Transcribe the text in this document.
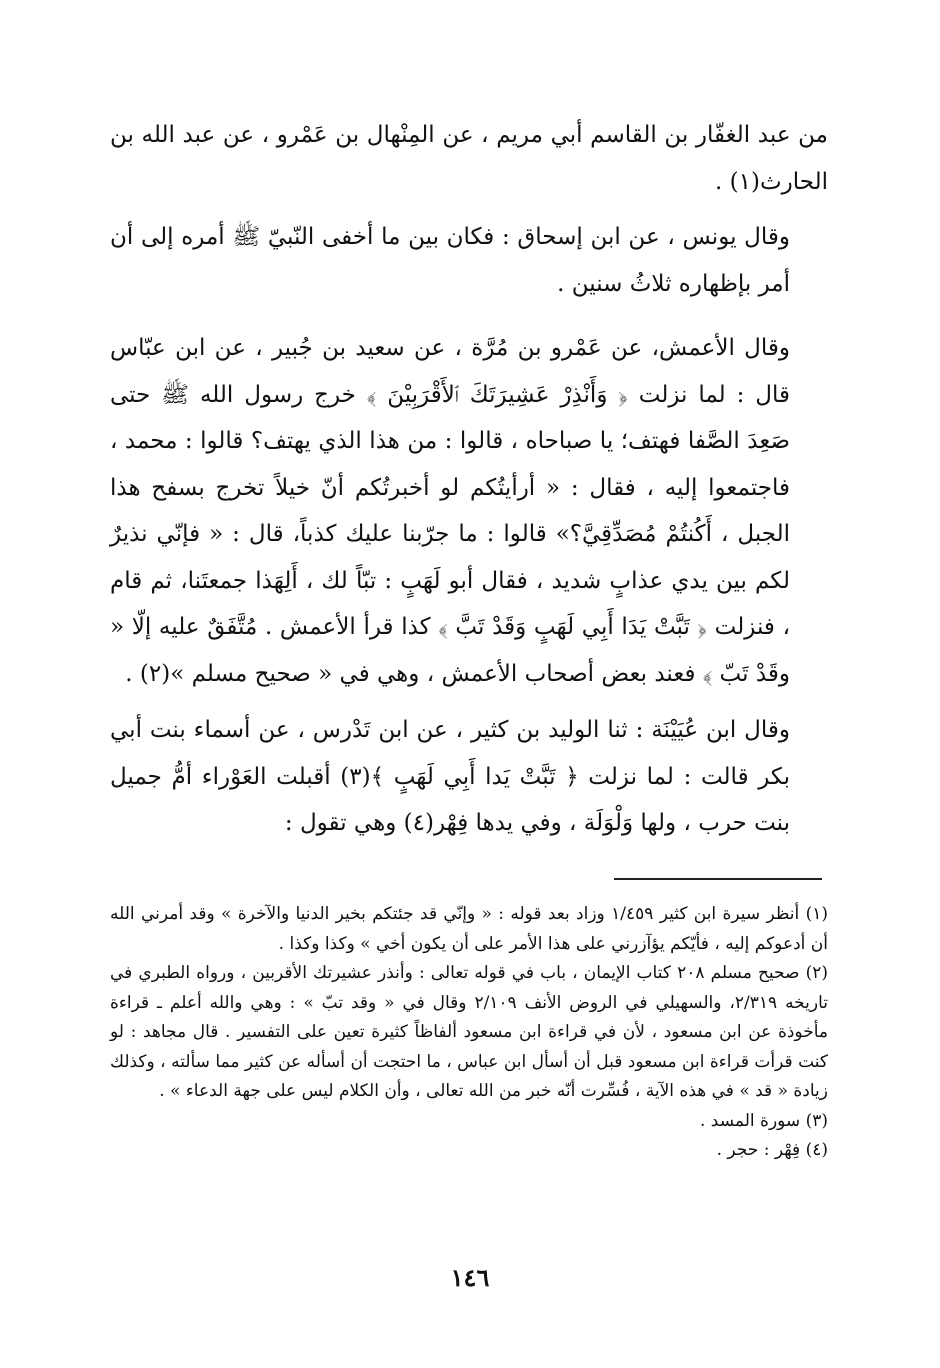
من عبد الغفّار بن القاسم أبي مريم ، عن المِنْهال بن عَمْرو ، عن عبد الله بن الحارث(١) .

وقال يونس ، عن ابن إسحاق : فكان بين ما أخفى النّبيّ ﷺ أمره إلى أن أمر بإظهاره ثلاثُ سنين .

وقال الأعمش، عن عَمْرو بن مُرَّة ، عن سعيد بن جُبير ، عن ابن عبّاس قال : لما نزلت ﴿ وَأَنْذِرْ عَشِيرَتَكَ ٱلأَقْرَبِيْنَ ﴾ خرج رسول الله ﷺ حتى صَعِدَ الصَّفا فهتف؛ يا صباحاه ، قالوا : من هذا الذي يهتف؟ قالوا : محمد ، فاجتمعوا إليه ، فقال : « أرأيتُكم لو أخبرتُكم أنّ خيلاً تخرج بسفح هذا الجبل ، أَكُنتُمْ مُصَدِّقِيَّ؟» قالوا : ما جرّبنا عليك كذباً، قال : « فإنّي نذيرٌ لكم بين يدي عذابٍ شديد ، فقال أبو لَهَبٍ : تبّاً لك ، أَلِهَذا جمعتَنا، ثم قام ، فنزلت ﴿ تَبَّتْ يَدَا أَبِي لَهَبٍ وَقَدْ تَبَّ ﴾ كذا قرأ الأعمش . مُتَّفَقٌ عليه إلّا « وقَدْ تَبّ ﴾ فعند بعض أصحاب الأعمش ، وهي في « صحيح مسلم »(٢) .

وقال ابن عُيَيْنَة : ثنا الوليد بن كثير ، عن ابن تَدْرس ، عن أسماء بنت أبي بكر قالت : لما نزلت ﴿ تَبَّتْ يَدا أَبِي لَهَبٍ ﴾(٣) أقبلت العَوْراء أمُّ جميل بنت حرب ، ولها وَلْوَلَة ، وفي يدها فِهْر(٤) وهي تقول :

(١) أنظر سيرة ابن كثير ١/٤٥٩ وزاد بعد قوله : « وإنّي قد جئتكم بخير الدنيا والآخرة » وقد أمرني الله أن أدعوكم إليه ، فأيّكم يؤآزرني على هذا الأمر على أن يكون أخي » وكذا وكذا .

(٢) صحيح مسلم ٢٠٨ كتاب الإيمان ، باب في قوله تعالى : وأنذر عشيرتك الأقربين ، ورواه الطبري في تاريخه ٢/٣١٩، والسهيلي في الروض الأنف ٢/١٠٩ وقال في « وقد تبّ » : وهي والله أعلم ـ قراءة مأخوذة عن ابن مسعود ، لأن في قراءة ابن مسعود ألفاظاً كثيرة تعين على التفسير . قال مجاهد : لو كنت قرأت قراءة ابن مسعود قبل أن أسأل ابن عباس ، ما احتجت أن أسأله عن كثير مما سألته ، وكذلك زيادة « قد » في هذه الآية ، فُسِّرت أنّه خبر من الله تعالى ، وأن الكلام ليس على جهة الدعاء » .

(٣) سورة المسد .

(٤) فِهْر : حجر .

١٤٦
